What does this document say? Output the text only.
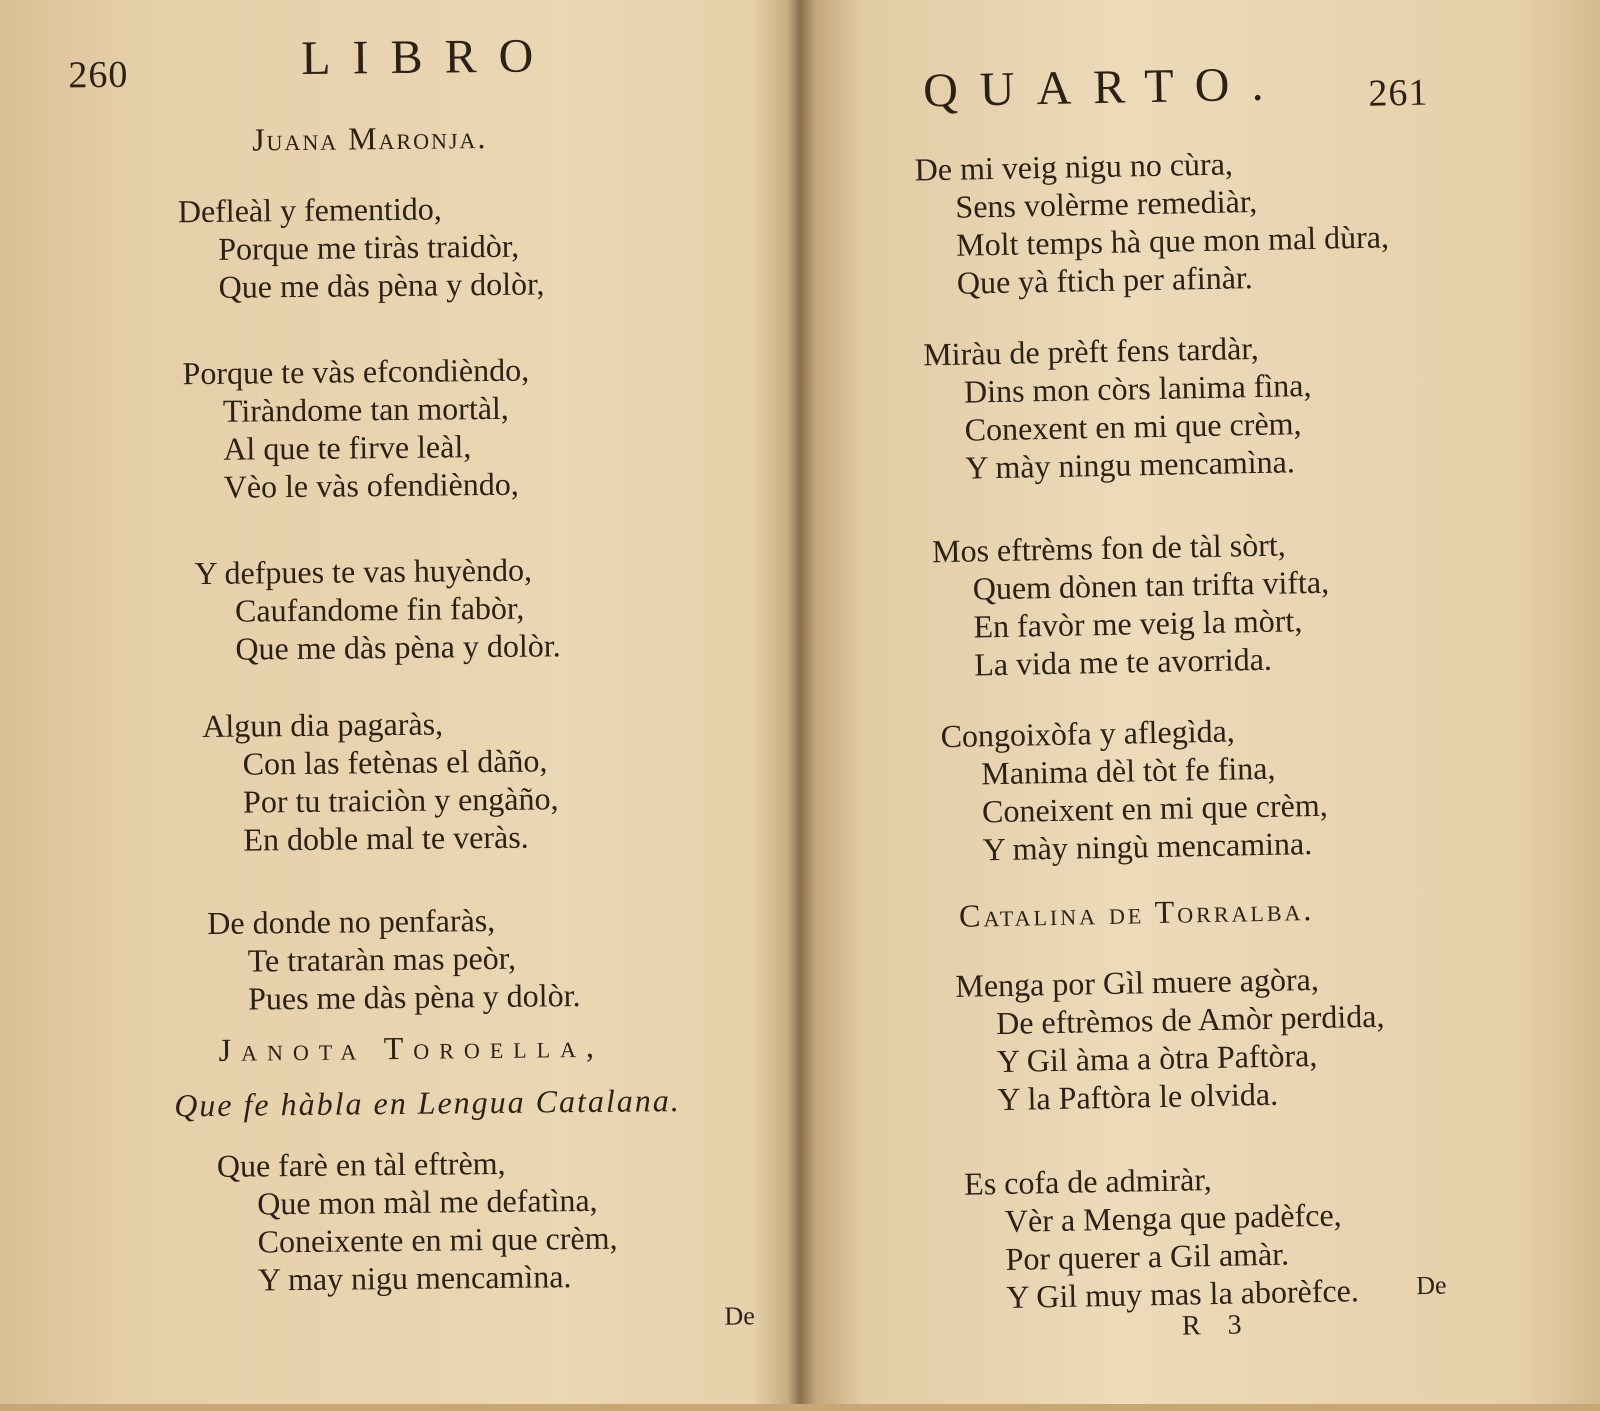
260	LIBRO
Juana Maronja.
Defleàl y fementido,
Porque me tiràs traidòr,
Que me dàs pèna y dolòr,
Porque te vàs efcondièndo,
Tiràndome tan mortàl,
Al que te firve leàl,
Vèo le vàs ofendièndo,
Y defpues te vas huyèndo,
Caufandome fin fabòr,
Que me dàs pèna y dolòr.
Algun dia pagaràs,
Con las fetènas el dàño,
Por tu traiciòn y engàño,
En doble mal te veràs.
De donde no penfaràs,
Te trataràn mas peòr,
Pues me dàs pèna y dolòr.
Janota Toroella,
Que fe hàbla en Lengua Catalana.
Que farè en tàl eftrèm,
Que mon màl me defatìna,
Coneixente en mi que crèm,
Y may nigu mencamìna.
De
QUARTO. 261
De mi veig nigu no cùra,
Sens volèrme remediàr,
Molt temps hà que mon mal dùra,
Que yà ftich per afinàr.
Miràu de prèft fens tardàr,
Dins mon còrs lanima fìna,
Conexent en mi que crèm,
Y mày ningu mencamìna.
Mos eftrèms fon de tàl sòrt,
Quem dònen tan trifta vifta,
En favòr me veig la mòrt,
La vida me te avorrida.
Congoixòfa y aflegìda,
Manima dèl tòt fe fina,
Coneixent en mi que crèm,
Y mày ningù mencamina.
Catalina de Torralba.
Menga por Gìl muere agòra,
De eftrèmos de Amòr perdida,
Y Gil àma a òtra Paftòra,
Y la Paftòra le olvida.
Es cofa de admiràr,
Vèr a Menga que padèfce,
Por querer a Gil amàr.
Y Gil muy mas la aborèfce.
R 3
De
